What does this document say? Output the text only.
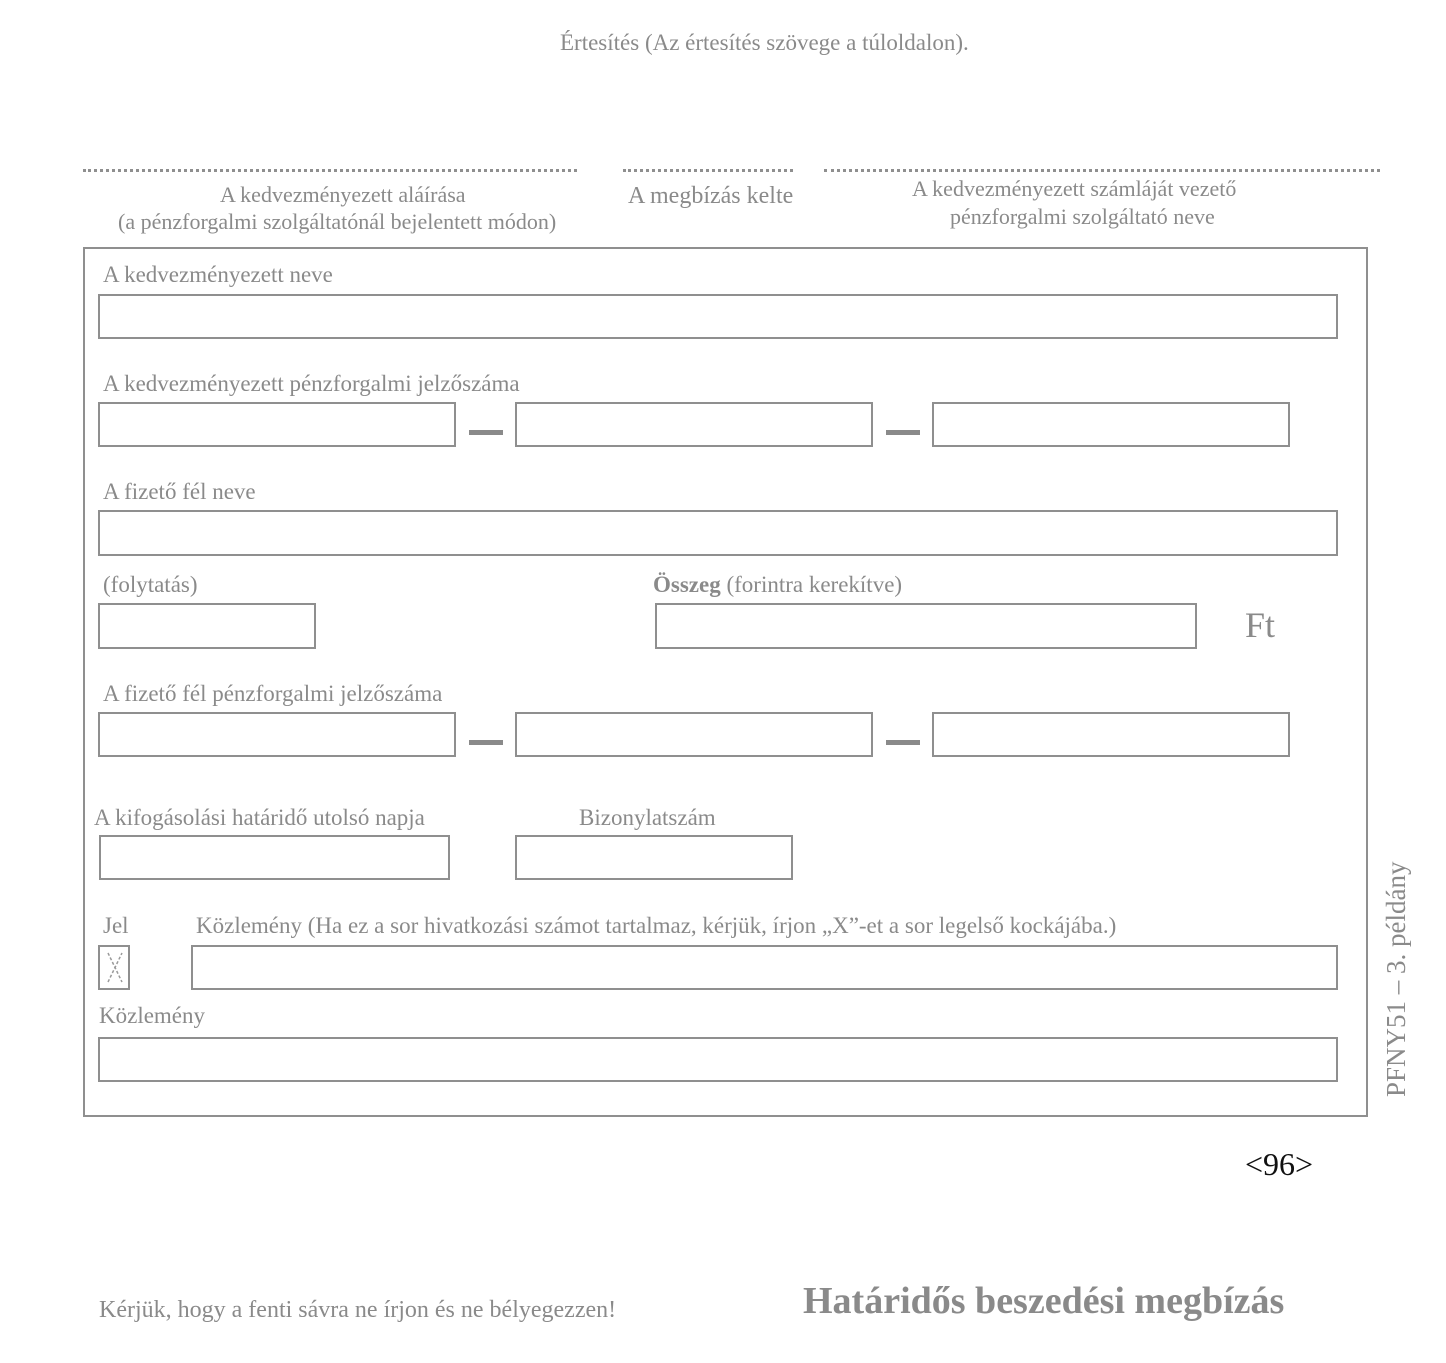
Értesítés (Az értesítés szövege a túloldalon).
A kedvezményezett aláírása
(a pénzforgalmi szolgáltatónál bejelentett módon)
A megbízás kelte	A kedvezményezett számláját vezető
pénzforgalmi szolgáltató neve
A kedvezményezett neve
A kedvezményezett pénzforgalmi jelzőszáma
A fizető fél neve
(folytatás)	Összeg (forintra kerekítve)
Ft
A fizető fél pénzforgalmi jelzőszáma
A kifogásolási határidő utolsó napja	Bizonylatszám
Jel	Közlemény (Ha ez a sor hivatkozási számot tartalmaz, kérjük, írjon „X”-et a sor legelső kockájába.)
Közlemény	PFNY51 – 3. példány
<96>
Kérjük, hogy a fenti sávra ne írjon és ne bélyegezzen!	Határidős beszedési megbízás
